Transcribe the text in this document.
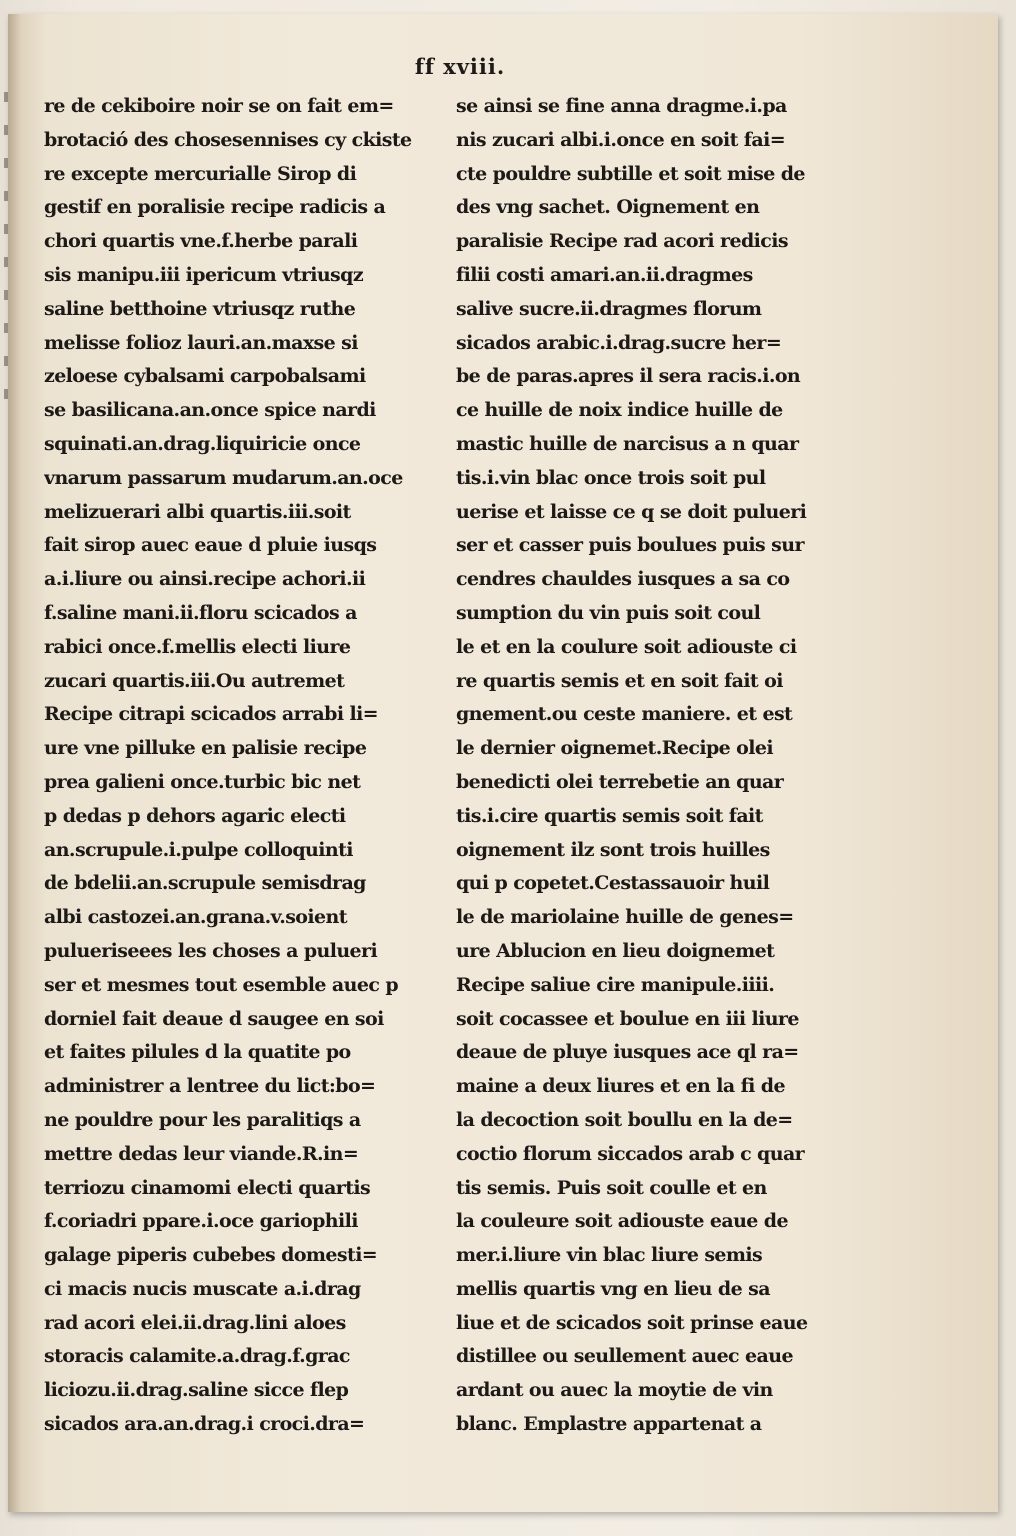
ff xviii.
re de cekiboire noir se on fait em=
brotació des chosesennises cy ckiste
re excepte mercurialle Sirop di
gestif en poralisie recipe radicis a
chori quartis vne.f.herbe parali
sis manipu.iii ipericum vtriusqz
saline betthoine vtriusqz ruthe
melisse folioz lauri.an.maxse si
zeloese cybalsami carpobalsami
se basilicana.an.once spice nardi
squinati.an.drag.liquiricie once
vnarum passarum mudarum.an.oce
melizuerari albi quartis.iii.soit
fait sirop auec eaue d pluie iusqs
a.i.liure ou ainsi.recipe achori.ii
f.saline mani.ii.floru scicados a
rabici once.f.mellis electi liure
zucari quartis.iii.Ou autremet
Recipe citrapi scicados arrabi li=
ure vne pilluke en palisie recipe
prea galieni once.turbic bic net
p dedas p dehors agaric electi
an.scrupule.i.pulpe colloquinti
de bdelii.an.scrupule semisdrag
albi castozei.an.grana.v.soient
pulueriseees les choses a pulueri
ser et mesmes tout esemble auec p
dorniel fait deaue d saugee en soi
et faites pilules d la quatite po
administrer a lentree du lict:bo=
ne pouldre pour les paralitiqs a
mettre dedas leur viande.R.in=
terriozu cinamomi electi quartis
f.coriadri ppare.i.oce gariophili
galage piperis cubebes domesti=
ci macis nucis muscate a.i.drag
rad acori elei.ii.drag.lini aloes
storacis calamite.a.drag.f.grac
liciozu.ii.drag.saline sicce flep
sicados ara.an.drag.i croci.dra=
se ainsi se fine anna dragme.i.pa
nis zucari albi.i.once en soit fai=
cte pouldre subtille et soit mise de
des vng sachet. Oignement en
paralisie Recipe rad acori redicis
filii costi amari.an.ii.dragmes
salive sucre.ii.dragmes florum
sicados arabic.i.drag.sucre her=
be de paras.apres il sera racis.i.on
ce huille de noix indice huille de
mastic huille de narcisus a n quar
tis.i.vin blac once trois soit pul
uerise et laisse ce q se doit pulueri
ser et casser puis boulues puis sur
cendres chauldes iusques a sa co
sumption du vin puis soit coul
le et en la coulure soit adiouste ci
re quartis semis et en soit fait oi
gnement.ou ceste maniere. et est
le dernier oignemet.Recipe olei
benedicti olei terrebetie an quar
tis.i.cire quartis semis soit fait
oignement ilz sont trois huilles
qui p copetet.Cestassauoir huil
le de mariolaine huille de genes=
ure Ablucion en lieu doignemet
Recipe saliue cire manipule.iiii.
soit cocassee et boulue en iii liure
deaue de pluye iusques ace ql ra=
maine a deux liures et en la fi de
la decoction soit boullu en la de=
coctio florum siccados arab c quar
tis semis. Puis soit coulle et en
la couleure soit adiouste eaue de
mer.i.liure vin blac liure semis
mellis quartis vng en lieu de sa
liue et de scicados soit prinse eaue
distillee ou seullement auec eaue
ardant ou auec la moytie de vin
blanc. Emplastre appartenat a
